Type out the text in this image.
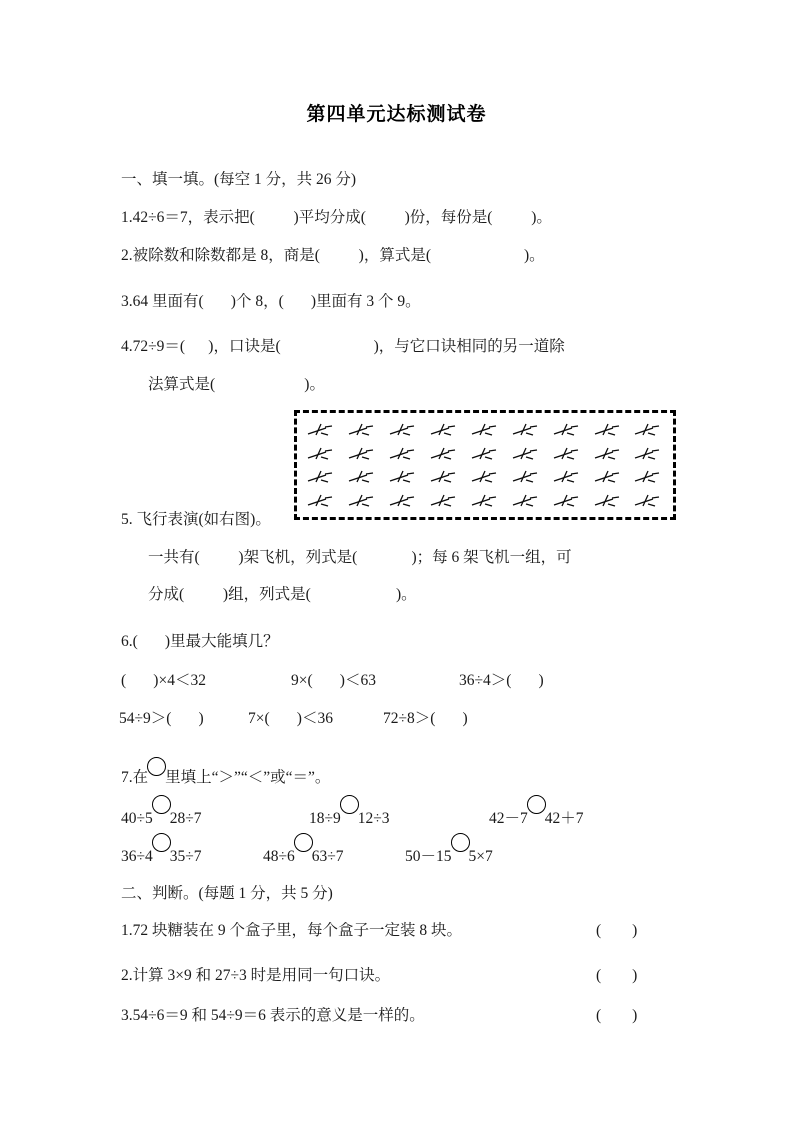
第四单元达标测试卷
一、填一填。(每空 1 分，共 26 分)
1.42÷6＝7，表示把(          )平均分成(          )份，每份是(          )。
2.被除数和除数都是 8，商是(          )，算式是(                        )。
3.64 里面有(       )个 8，(       )里面有 3 个 9。
4.72÷9＝(      )，口诀是(                        )，与它口诀相同的另一道除
法算式是(                       )。
5. 飞行表演(如右图)。
一共有(          )架飞机，列式是(              )；每 6 架飞机一组，可
分成(          )组，列式是(                      )。
6.(       )里最大能填几？
(       )×4＜32	9×(       )＜63	36÷4＞(       )
54÷9＞(       )	7×(       )＜36	72÷8＞(       )
7.在 里填上“＞”“＜”或“＝”。
40÷5 28÷7	18÷9 12÷3	42－7 42＋7
36÷4 35÷7	48÷6 63÷7	50－15 5×7
二、判断。(每题 1 分，共 5 分)
1.72 块糖装在 9 个盒子里，每个盒子一定装 8 块。	(        )
2.计算 3×9 和 27÷3 时是用同一句口诀。	(        )
3.54÷6＝9 和 54÷9＝6 表示的意义是一样的。	(        )
